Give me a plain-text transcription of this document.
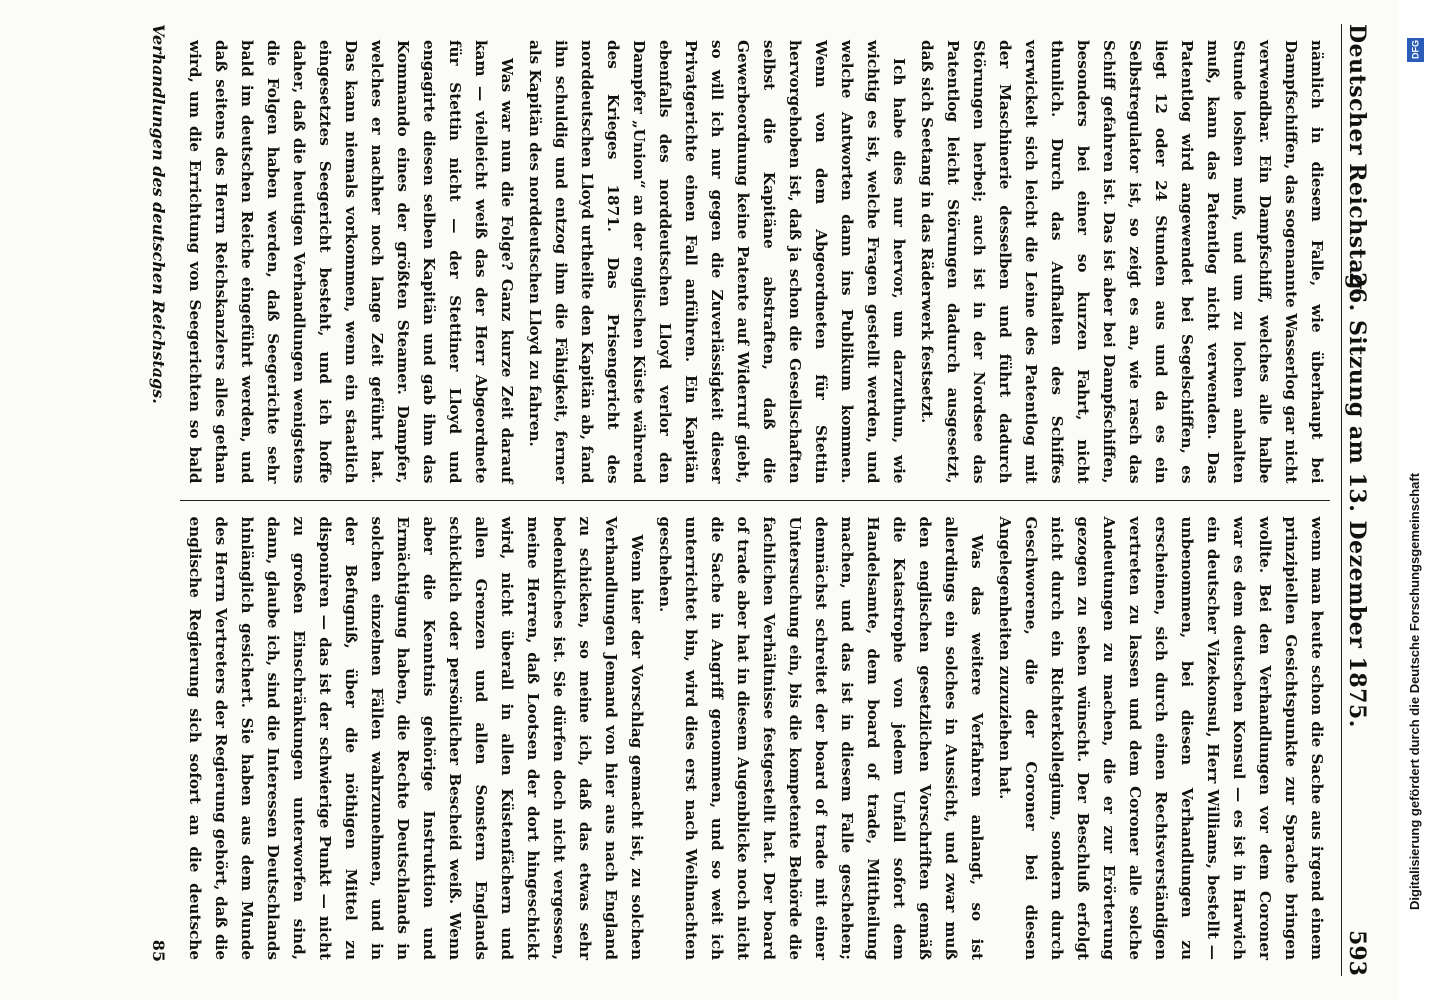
Deutscher Reichstag.
26. Sitzung am 13. Dezember 1875.
593

nämlich in diesem Falle, wie überhaupt bei Dampfschiffen, das sogenannte Wasserlog gar nicht verwendbar. Ein Dampfschiff, welches alle halbe Stunde loshen muß, und um zu lochen anhalten muß, kann das Patentlog nicht verwenden. Das Patentlog wird angewendet bei Segelschiffen, es liegt 12 oder 24 Stunden aus und da es ein Selbstregulator ist, so zeigt es an, wie rasch das Schiff gefahren ist. Das ist aber bei Dampfschiffen, besonders bei einer so kurzen Fahrt, nicht thunlich. Durch das Aufhalten des Schiffes verwickelt sich leicht die Leine des Patentlog mit der Maschinerie desselben und führt dadurch Störungen herbei; auch ist in der Nordsee das Patentlog leicht Störungen dadurch ausgesetzt, daß sich Seetang in das Räderwerk festsetzt.

Ich habe dies nur hervor, um darzuthun, wie wichtig es ist, welche Fragen gestellt werden, und welche Antworten dann ins Publikum kommen. Wenn von dem Abgeordneten für Stettin hervorgehoben ist, daß ja schon die Gesellschaften selbst die Kapitäne abstraften, daß die Gewerbeordnung keine Patente auf Widerruf giebt, so will ich nur gegen die Zuverlässigkeit dieser Privatgerichte einen Fall anführen. Ein Kapitän ebenfalls des norddeutschen Lloyd verlor den Dampfer „Union“ an der englischen Küste während des Krieges 1871. Das Prisengericht des norddeutschen Lloyd urtheilte den Kapitän ab, fand ihn schuldig und entzog ihm die Fähigkeit, ferner als Kapitän des norddeutschen Lloyd zu fahren.

Was war nun die Folge? Ganz kurze Zeit darauf kam — vielleicht weiß das der Herr Abgeordnete für Stettin nicht — der Stettiner Lloyd und engagirte diesen selben Kapitän und gab ihm das Kommando eines der größten Steamer. Dampfer, welches er nachher noch lange Zeit geführt hat. Das kann niemals vorkommen, wenn ein staatlich eingesetztes Seegericht besteht, und ich hoffe daher, daß die heutigen Verhandlungen wenigstens die Folgen haben werden, daß Seegerichte sehr bald im deutschen Reiche eingeführt werden, und daß seitens des Herrn Reichskanzlers alles gethan wird, um die Errichtung von Seegerichten so bald

wenn man heute schon die Sache aus irgend einem prinzipiellen Gesichtspunkte zur Sprache bringen wollte. Bei den Verhandlungen vor dem Coroner war es dem deutschen Konsul — es ist in Harwich ein deutscher Vizekonsul, Herr Williams, bestellt — unbenommen, bei diesen Verhandlungen zu erscheinen, sich durch einen Rechtsverständigen vertreten zu lassen und dem Coroner alle solche Andeutungen zu machen, die er zur Erörterung gezogen zu sehen wünscht. Der Beschluß erfolgt nicht durch ein Richterkollegium, sondern durch Geschworene, die der Coroner bei diesen Angelegenheiten zuzuziehen hat.

Was das weitere Verfahren anlangt, so ist allerdings ein solches in Aussicht, und zwar muß den englischen gesetzlichen Vorschriften gemäß die Katastrophe von jedem Unfall sofort dem Handelsamte, dem board of trade, Mittheilung machen, und das ist in diesem Falle geschehen; demnächst schreitet der board of trade mit einer Untersuchung ein, bis die kompetente Behörde die fachlichen Verhältnisse festgestellt hat. Der board of trade aber hat in diesem Augenblicke noch nicht die Sache in Angriff genommen, und so weit ich unterrichtet bin, wird dies erst nach Weihnachten geschehen.

Wenn hier der Vorschlag gemacht ist, zu solchen Verhandlungen Jemand von hier aus nach England zu schicken, so meine ich, daß das etwas sehr bedenkliches ist. Sie dürfen doch nicht vergessen, meine Herren, daß Lootsen der dort hingeschickt wird, nicht überall in allen Küstenfächern und allen Grenzen und allen Sonstern Englands schicklich oder persönlicher Bescheid weiß. Wenn aber die Kenntnis gehörige Instruktion und Ermächtigung haben, die Rechte Deutschlands in solchen einzelnen Fällen wahrzunehmen, und in der Befugniß, über die nöthigen Mittel zu disponiren — das ist der schwierige Punkt — nicht zu großen Einschränkungen unterworfen sind, dann, glaube ich, sind die Interessen Deutschlands hinlänglich gesichert. Sie haben aus dem Munde des Herrn Vertreters der Regierung gehört, daß die englische Regierung sich sofort an die deutsche

Verhandlungen des deutschen Reichstags.
85
DFG
Digitalisierung gefördert durch die Deutsche Forschungsgemeinschaft
